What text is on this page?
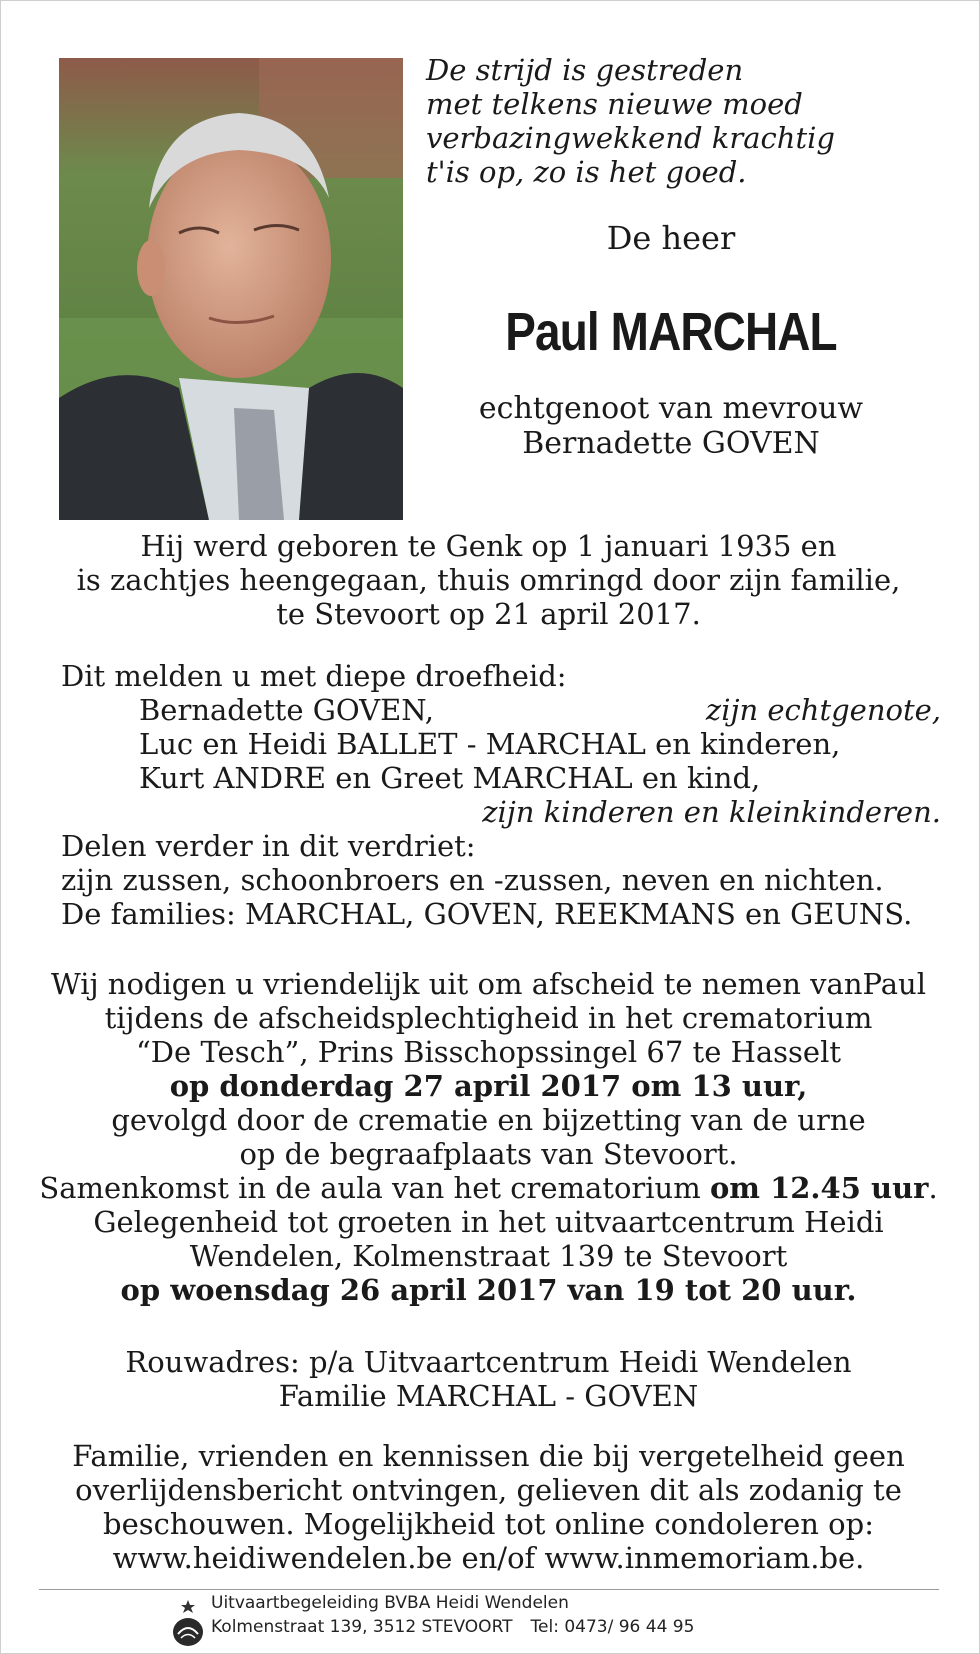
De strijd is gestreden
met telkens nieuwe moed
verbazingwekkend krachtig
t'is op, zo is het goed.
De heer
Paul MARCHAL
echtgenoot van mevrouw
Bernadette GOVEN
Hij werd geboren te Genk op 1 januari 1935 en
is zachtjes heengegaan, thuis omringd door zijn familie,
te Stevoort op 21 april 2017.
Dit melden u met diepe droefheid:
Bernadette GOVEN,	zijn echtgenote,
Luc en Heidi BALLET - MARCHAL en kinderen,
Kurt ANDRE en Greet MARCHAL en kind,
zijn kinderen en kleinkinderen.
Delen verder in dit verdriet:
zijn zussen, schoonbroers en -zussen, neven en nichten.
De families: MARCHAL, GOVEN, REEKMANS en GEUNS.
Wij nodigen u vriendelijk uit om afscheid te nemen vanPaul
tijdens de afscheidsplechtigheid in het crematorium
“De Tesch”, Prins Bisschopssingel 67 te Hasselt
op donderdag 27 april 2017 om 13 uur,
gevolgd door de crematie en bijzetting van de urne
op de begraafplaats van Stevoort.
Samenkomst in de aula van het crematorium om 12.45 uur.
Gelegenheid tot groeten in het uitvaartcentrum Heidi
Wendelen, Kolmenstraat 139 te Stevoort
op woensdag 26 april 2017 van 19 tot 20 uur.
Rouwadres: p/a Uitvaartcentrum Heidi Wendelen
Familie MARCHAL - GOVEN
Familie, vrienden en kennissen die bij vergetelheid geen
overlijdensbericht ontvingen, gelieven dit als zodanig te
beschouwen. Mogelijkheid tot online condoleren op:
www.heidiwendelen.be en/of www.inmemoriam.be.
Uitvaartbegeleiding BVBA Heidi Wendelen
Kolmenstraat 139, 3512 STEVOORT Tel: 0473/ 96 44 95
